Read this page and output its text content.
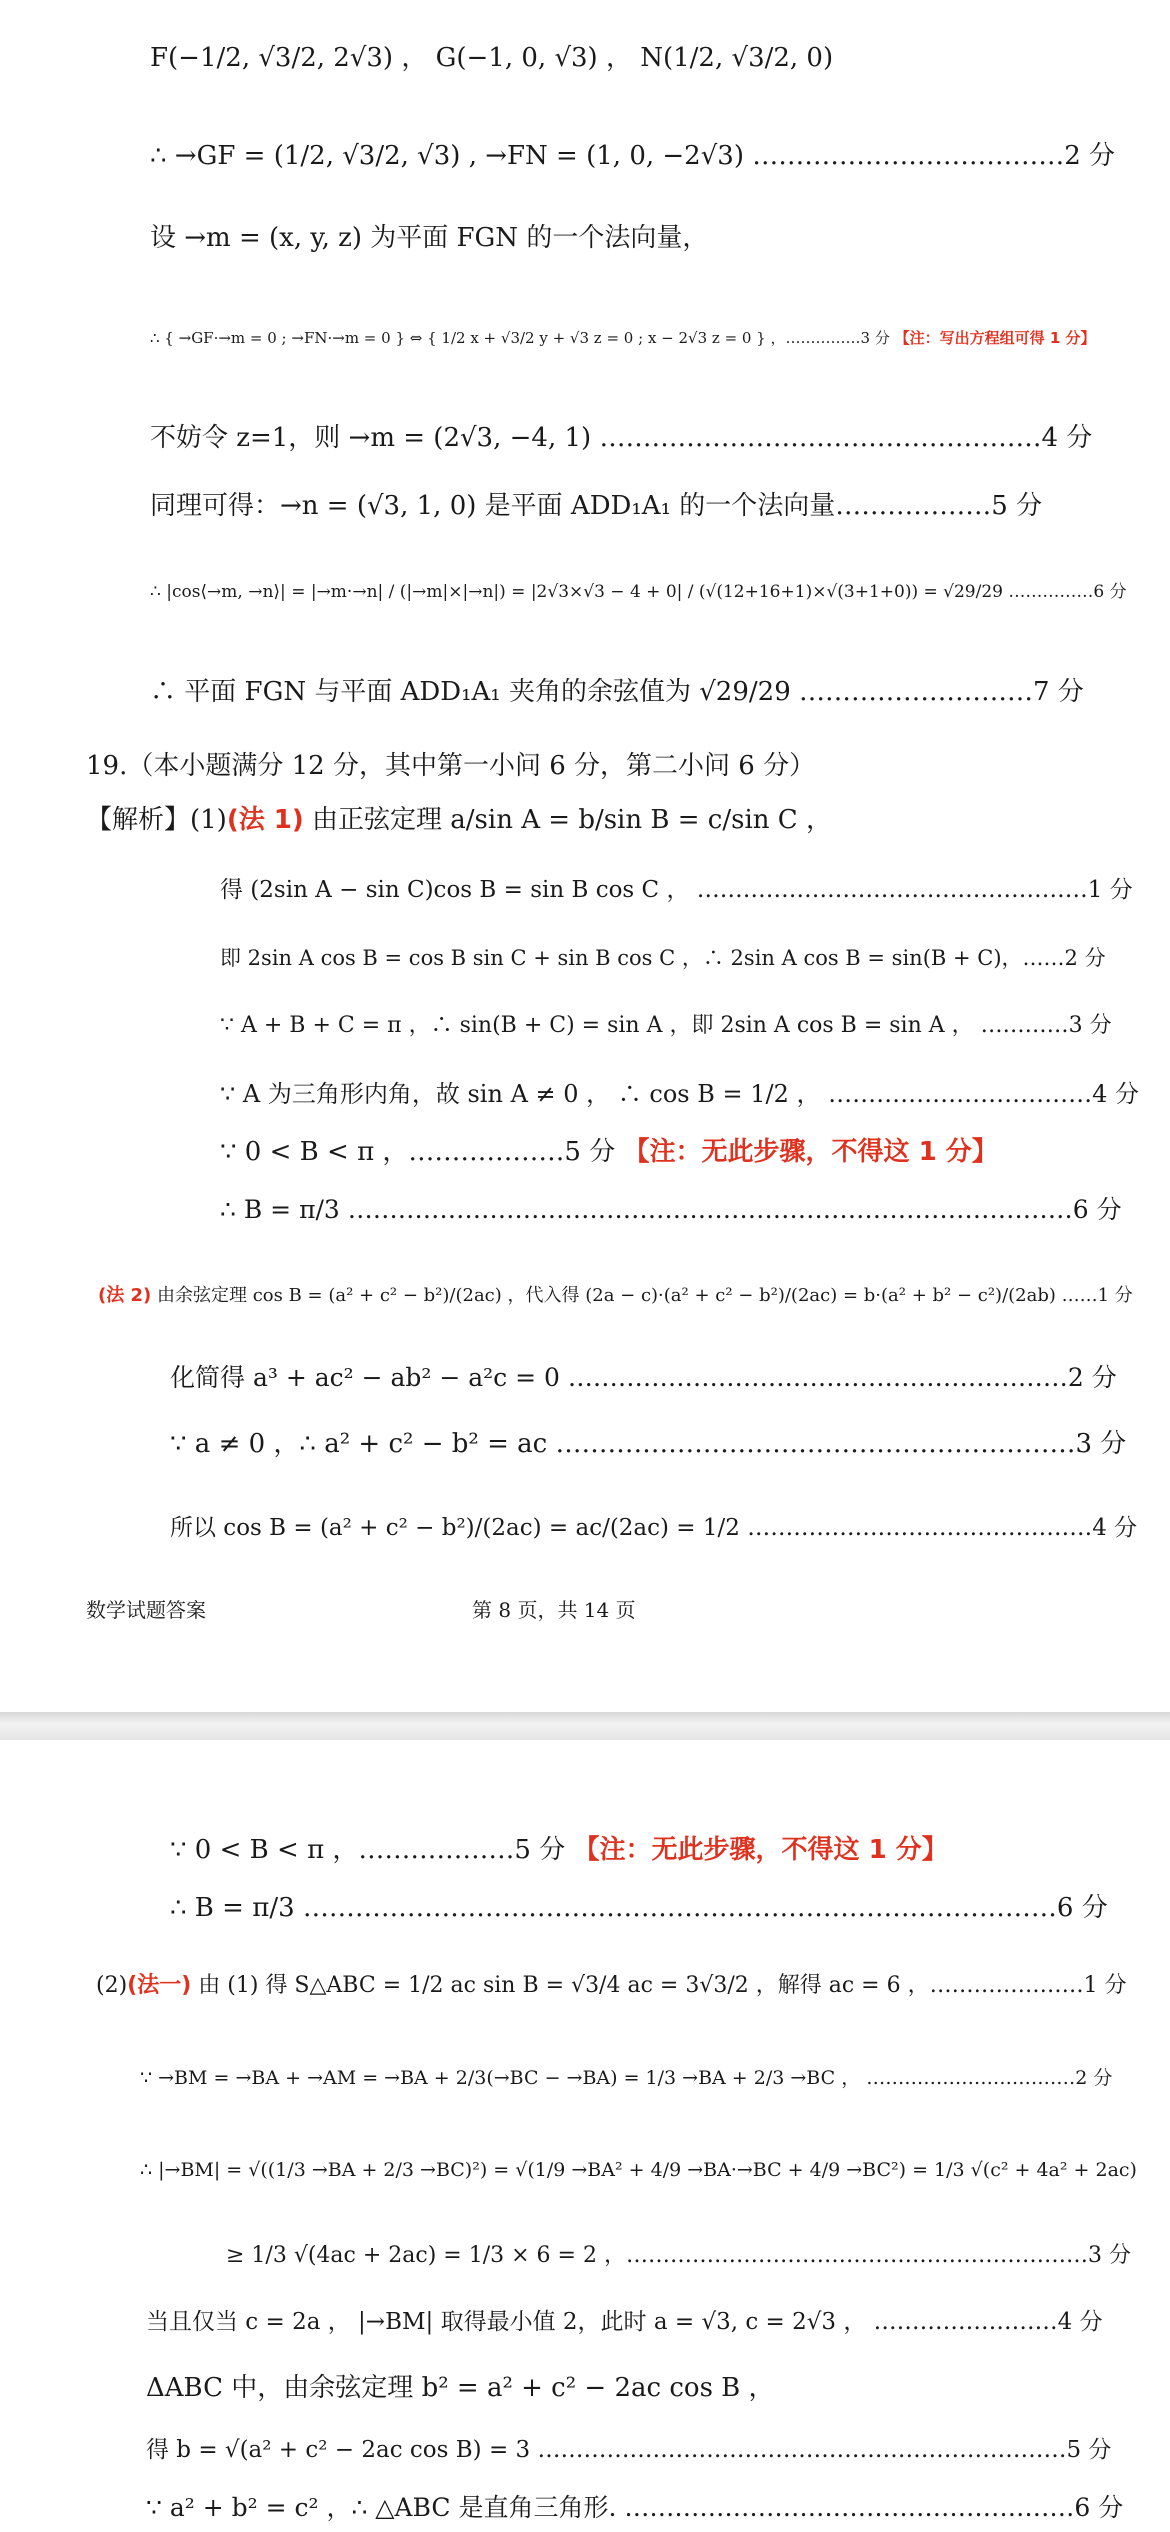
F(−1/2, √3/2, 2√3) ， G(−1, 0, √3) ， N(1/2, √3/2, 0)
∴ →GF = (1/2, √3/2, √3) , →FN = (1, 0, −2√3) ………………………………2 分
设 →m = (x, y, z) 为平面 FGN 的一个法向量，
∴ { →GF·→m = 0 ; →FN·→m = 0 } ⇔ { 1/2 x + √3/2 y + √3 z = 0 ; x − 2√3 z = 0 } ，……………3 分 【注：写出方程组可得 1 分】
不妨令 z=1，则 →m = (2√3, −4, 1) ……………………………………………4 分
同理可得：→n = (√3, 1, 0) 是平面 ADD₁A₁ 的一个法向量………………5 分
∴ |cos⟨→m, →n⟩| = |→m·→n| / (|→m|×|→n|) = |2√3×√3 − 4 + 0| / (√(12+16+1)×√(3+1+0)) = √29/29 ……………6 分
∴ 平面 FGN 与平面 ADD₁A₁ 夹角的余弦值为 √29/29 ………………………7 分
19.（本小题满分 12 分，其中第一小问 6 分，第二小问 6 分）
【解析】(1)(法 1) 由正弦定理 a/sin A = b/sin B = c/sin C ，
得 (2sin A − sin C)cos B = sin B cos C ， ……………………………………………1 分
即 2sin A cos B = cos B sin C + sin B cos C ，∴ 2sin A cos B = sin(B + C)，……2 分
∵ A + B + C = π ，∴ sin(B + C) = sin A ，即 2sin A cos B = sin A ， …………3 分
∵ A 为三角形内角，故 sin A ≠ 0 ， ∴ cos B = 1/2 ， ……………………………4 分
∵ 0 < B < π ，………………5 分 【注：无此步骤，不得这 1 分】
∴ B = π/3 ……………………………………………………………………………6 分
(法 2) 由余弦定理 cos B = (a² + c² − b²)/(2ac) ，代入得 (2a − c)·(a² + c² − b²)/(2ac) = b·(a² + b² − c²)/(2ab) ……1 分
化简得 a³ + ac² − ab² − a²c = 0 ……………………………………………………2 分
∵ a ≠ 0 ，∴ a² + c² − b² = ac ……………………………………………………3 分
所以 cos B = (a² + c² − b²)/(2ac) = ac/(2ac) = 1/2 ………………………………………4 分
数学试题答案	第 8 页，共 14 页
∵ 0 < B < π ，………………5 分 【注：无此步骤，不得这 1 分】
∴ B = π/3 ……………………………………………………………………………6 分
(2)(法一) 由 (1) 得 S△ABC = 1/2 ac sin B = √3/4 ac = 3√3/2 ，解得 ac = 6 ，…………………1 分
∵ →BM = →BA + →AM = →BA + 2/3(→BC − →BA) = 1/3 →BA + 2/3 →BC ， ……………………………2 分
∴ |→BM| = √((1/3 →BA + 2/3 →BC)²) = √(1/9 →BA² + 4/9 →BA·→BC + 4/9 →BC²) = 1/3 √(c² + 4a² + 2ac)
≥ 1/3 √(4ac + 2ac) = 1/3 × 6 = 2 ，………………………………………………………3 分
当且仅当 c = 2a ， |→BM| 取得最小值 2，此时 a = √3, c = 2√3 ， ……………………4 分
ΔABC 中，由余弦定理 b² = a² + c² − 2ac cos B ，
得 b = √(a² + c² − 2ac cos B) = 3 ……………………………………………………………5 分
∵ a² + b² = c² ，∴ △ABC 是直角三角形. ………………………………………………6 分
